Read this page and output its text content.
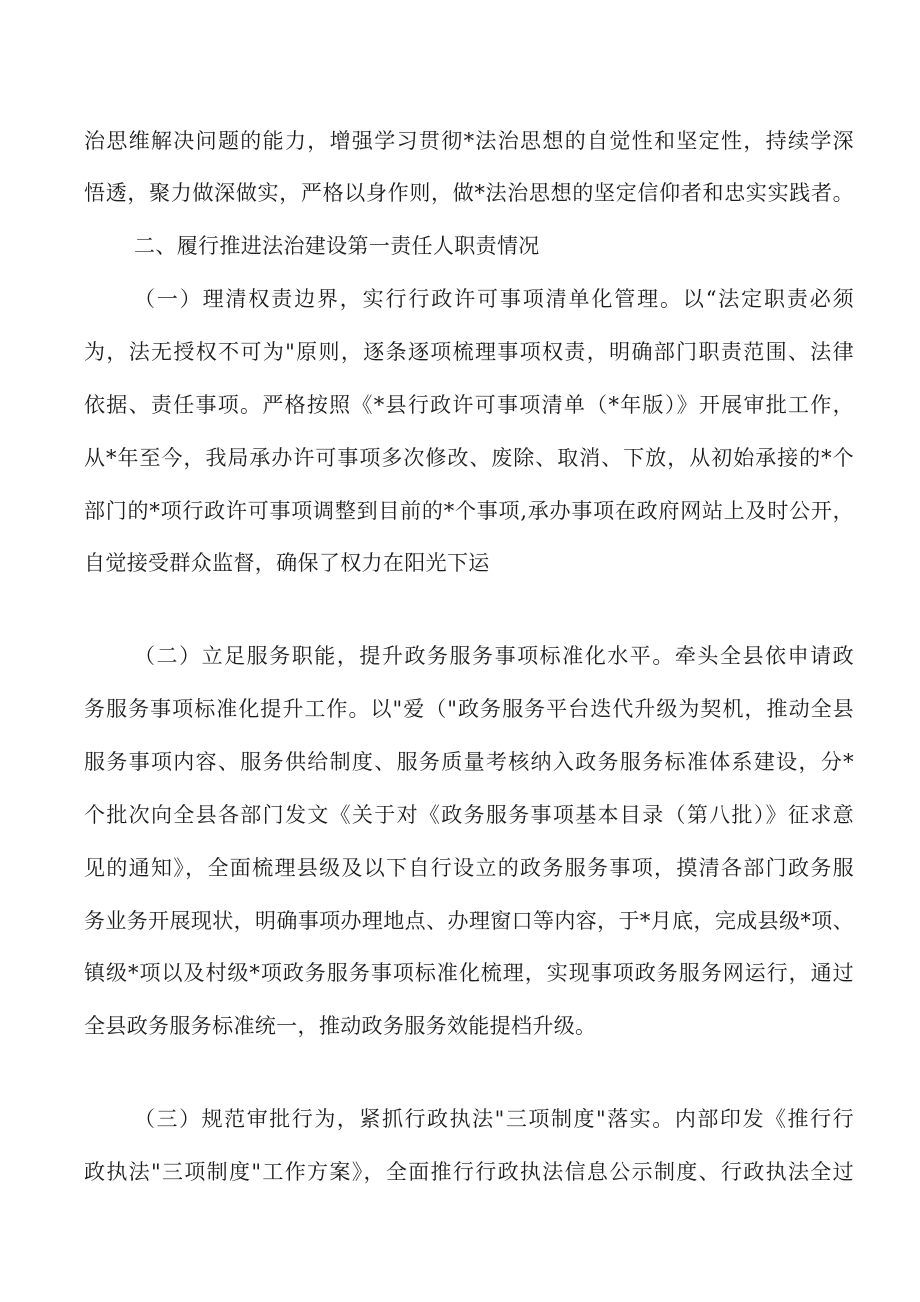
治思维解决问题的能力，增强学习贯彻*法治思想的自觉性和坚定性，持续学深
悟透，聚力做深做实，严格以身作则，做*法治思想的坚定信仰者和忠实实践者。
二、履行推进法治建设第一责任人职责情况
（一）理清权责边界，实行行政许可事项清单化管理。以“法定职责必须
为，法无授权不可为"原则，逐条逐项梳理事项权责，明确部门职责范围、法律
依据、责任事项。严格按照《*县行政许可事项清单（*年版）》开展审批工作，
从*年至今，我局承办许可事项多次修改、废除、取消、下放，从初始承接的*个
部门的*项行政许可事项调整到目前的*个事项,承办事项在政府网站上及时公开，
自觉接受群众监督，确保了权力在阳光下运
（二）立足服务职能，提升政务服务事项标准化水平。牵头全县依申请政
务服务事项标准化提升工作。以"爱（"政务服务平台迭代升级为契机，推动全县
服务事项内容、服务供给制度、服务质量考核纳入政务服务标准体系建设，分*
个批次向全县各部门发文《关于对《政务服务事项基本目录（第八批）》征求意
见的通知》，全面梳理县级及以下自行设立的政务服务事项，摸清各部门政务服
务业务开展现状，明确事项办理地点、办理窗口等内容，于*月底，完成县级*项、
镇级*项以及村级*项政务服务事项标准化梳理，实现事项政务服务网运行，通过
全县政务服务标准统一，推动政务服务效能提档升级。
（三）规范审批行为，紧抓行政执法"三项制度"落实。内部印发《推行行
政执法"三项制度"工作方案》，全面推行行政执法信息公示制度、行政执法全过
